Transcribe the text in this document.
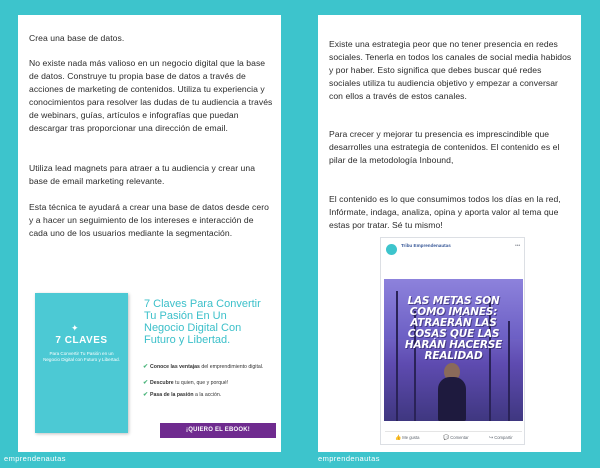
Crea una base de datos.

No existe nada más valioso en un negocio digital que la base de datos. Construye tu propia base de datos a través de acciones de marketing de contenidos. Utiliza tu experiencia y conocimientos para resolver las dudas de tu audiencia a través de webinars, guías, artículos e infografías que puedan descargar tras proporcionar una dirección de email.

Utiliza lead magnets para atraer a tu audiencia y crear una base de email marketing relevante.

Esta técnica te ayudará a crear una base de datos desde cero y a hacer un seguimiento de los intereses e interacción de cada uno de los usuarios mediante la segmentación.

✦
7 CLAVES
Para Convertir Tu Pasión en un Negocio Digital con Futuro y Libertad.
7 Claves Para Convertir Tu Pasión En Un Negocio Digital Con Futuro y Libertad.
✔ Conoce las ventajas del emprendimiento digital.
✔ Descubre tu quien, que y porqué!
✔ Pasa de la pasión a la acción.
¡QUIERO EL EBOOK!
emprendenautas

Existe una estrategia peor que no tener presencia en redes sociales. Tenerla en todos los canales de social media habidos y por haber. Esto significa que debes buscar qué redes sociales utiliza tu audiencia objetivo y empezar a conversar con ellos a través de estos canales.

Para crecer y mejorar tu presencia es imprescindible que desarrolles una estrategia de contenidos. El contenido es el pilar de la metodología Inbound,

El contenido es lo que consumimos todos los días en la red, Infórmate, indaga, analiza, opina y aporta valor al tema que estas por tratar. Sé tu mismo!

Tribu Emprendenautas	•••
LAS METAS SON COMO IMANES: ATRAERÁN LAS COSAS QUE LAS HARÁN HACERSE REALIDAD
👍Me gusta	💬Comentar	↪Compartir
emprendenautas
